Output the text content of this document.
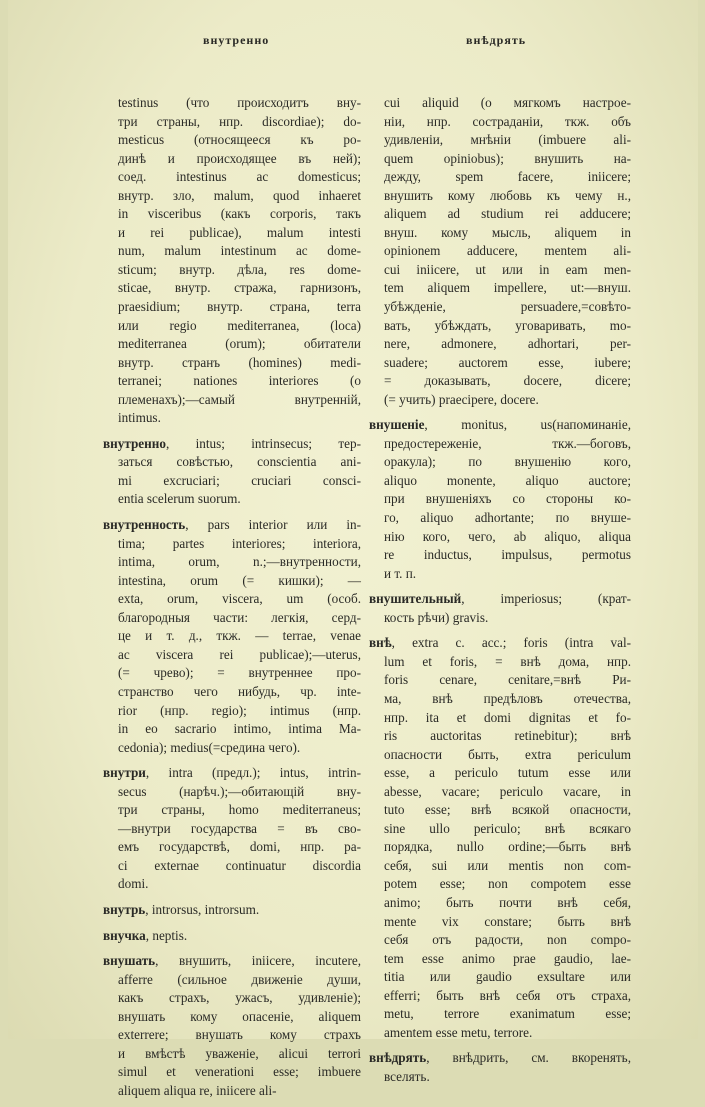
внутренно	внѣдрять
testinus (что происходитъ вну-
три страны, нпр. discordiae); do-
mesticus (относящееся къ ро-
динѣ и происходящее въ ней);
соед. intestinus ac domesticus;
внутр. зло, malum, quod inhaeret
in visceribus (какъ corporis, такъ
и rei publicae), malum intesti
num, malum intestinum ac dome-
sticum; внутр. дѣла, res dome-
sticae, внутр. стража, гарнизонъ,
praesidium; внутр. страна, terra
или regio mediterranea, (loca)
mediterranea (orum); обитатели
внутр. странъ (homines) medi-
terranei; nationes interiores (о
племенахъ);—самый внутренній,
intimus.
внутренно, intus; intrinsecus; тер-
заться совѣстью, conscientia ani-
mi excruciari; cruciari consci-
entia scelerum suorum.
внутренность, pars interior или in-
tima; partes interiores; interiora,
intima, orum, n.;—внутренности,
intestina, orum (= кишки); —
exta, orum, viscera, um (особ.
благородныя части: легкія, серд-
це и т. д., ткж. — terrae, venae
ac viscera rei publicae);—uterus,
(= чрево); = внутреннее про-
странство чего нибудь, чр. inte-
rior (нпр. regio); intimus (нпр.
in eo sacrario intimo, intima Ma-
cedonia); medius(=средина чего).
внутри, intra (предл.); intus, intrin-
secus (нарѣч.);—обитающій вну-
три страны, homo mediterraneus;
—внутри государства = въ сво-
емъ государствѣ, domi, нпр. pa-
ci externae continuatur discordia
domi.
внутрь, introrsus, introrsum.
внучка, neptis.
внушать, внушить, iniicere, incutere,
afferre (сильное движеніе души,
какъ страхъ, ужасъ, удивленіе);
внушать кому опасеніе, aliquem
exterrere; внушать кому страхъ
и вмѣстѣ уваженіе, alicui terrori
simul et venerationi esse; imbuere
aliquem aliqua re, iniicere ali-
cui aliquid (о мягкомъ настрое-
ніи, нпр. состраданіи, ткж. объ
удивленіи, мнѣніи (imbuere ali-
quem opiniobus); внушить на-
дежду, spem facere, iniicere;
внушить кому любовь къ чему н.,
aliquem ad studium rei adducere;
внуш. кому мысль, aliquem in
opinionem adducere, mentem ali-
cui iniicere, ut или in eam men-
tem aliquem impellere, ut:—внуш.
убѣжденіе, persuadere,=совѣто-
вать, убѣждать, уговаривать, mo-
nere, admonere, adhortari, per-
suadere; auctorem esse, iubere;
= доказывать, docere, dicere;
(= учить) praecipere, docere.
внушеніе, monitus, us(напоминаніе,
предостереженіе, ткж.—боговъ,
оракула); по внушенію кого,
aliquo monente, aliquo auctore;
при внушеніяхъ со стороны ко-
го, aliquo adhortante; по внуше-
нію кого, чего, ab aliquo, aliqua
re inductus, impulsus, permotus
и т. п.
внушительный, imperiosus; (крат-
кость рѣчи) gravis.
внѣ, extra c. acc.; foris (intra val-
lum et foris, = внѣ дома, нпр.
foris cenare, cenitare,=внѣ Ри-
ма, внѣ предѣловъ отечества,
нпр. ita et domi dignitas et fo-
ris auctoritas retinebitur); внѣ
опасности быть, extra periculum
esse, a periculo tutum esse или
abesse, vacare; periculo vacare, in
tuto esse; внѣ всякой опасности,
sine ullo periculo; внѣ всякаго
порядка, nullo ordine;—быть внѣ
себя, sui или mentis non com-
potem esse; non compotem esse
animo; быть почти внѣ себя,
mente vix constare; быть внѣ
себя отъ радости, non compo-
tem esse animo prae gaudio, lae-
titia или gaudio exsultare или
efferri; быть внѣ себя отъ страха,
metu, terrore exanimatum esse;
amentem esse metu, terrore.
внѣдрять, внѣдрить, см. вкоренять,
вселять.
